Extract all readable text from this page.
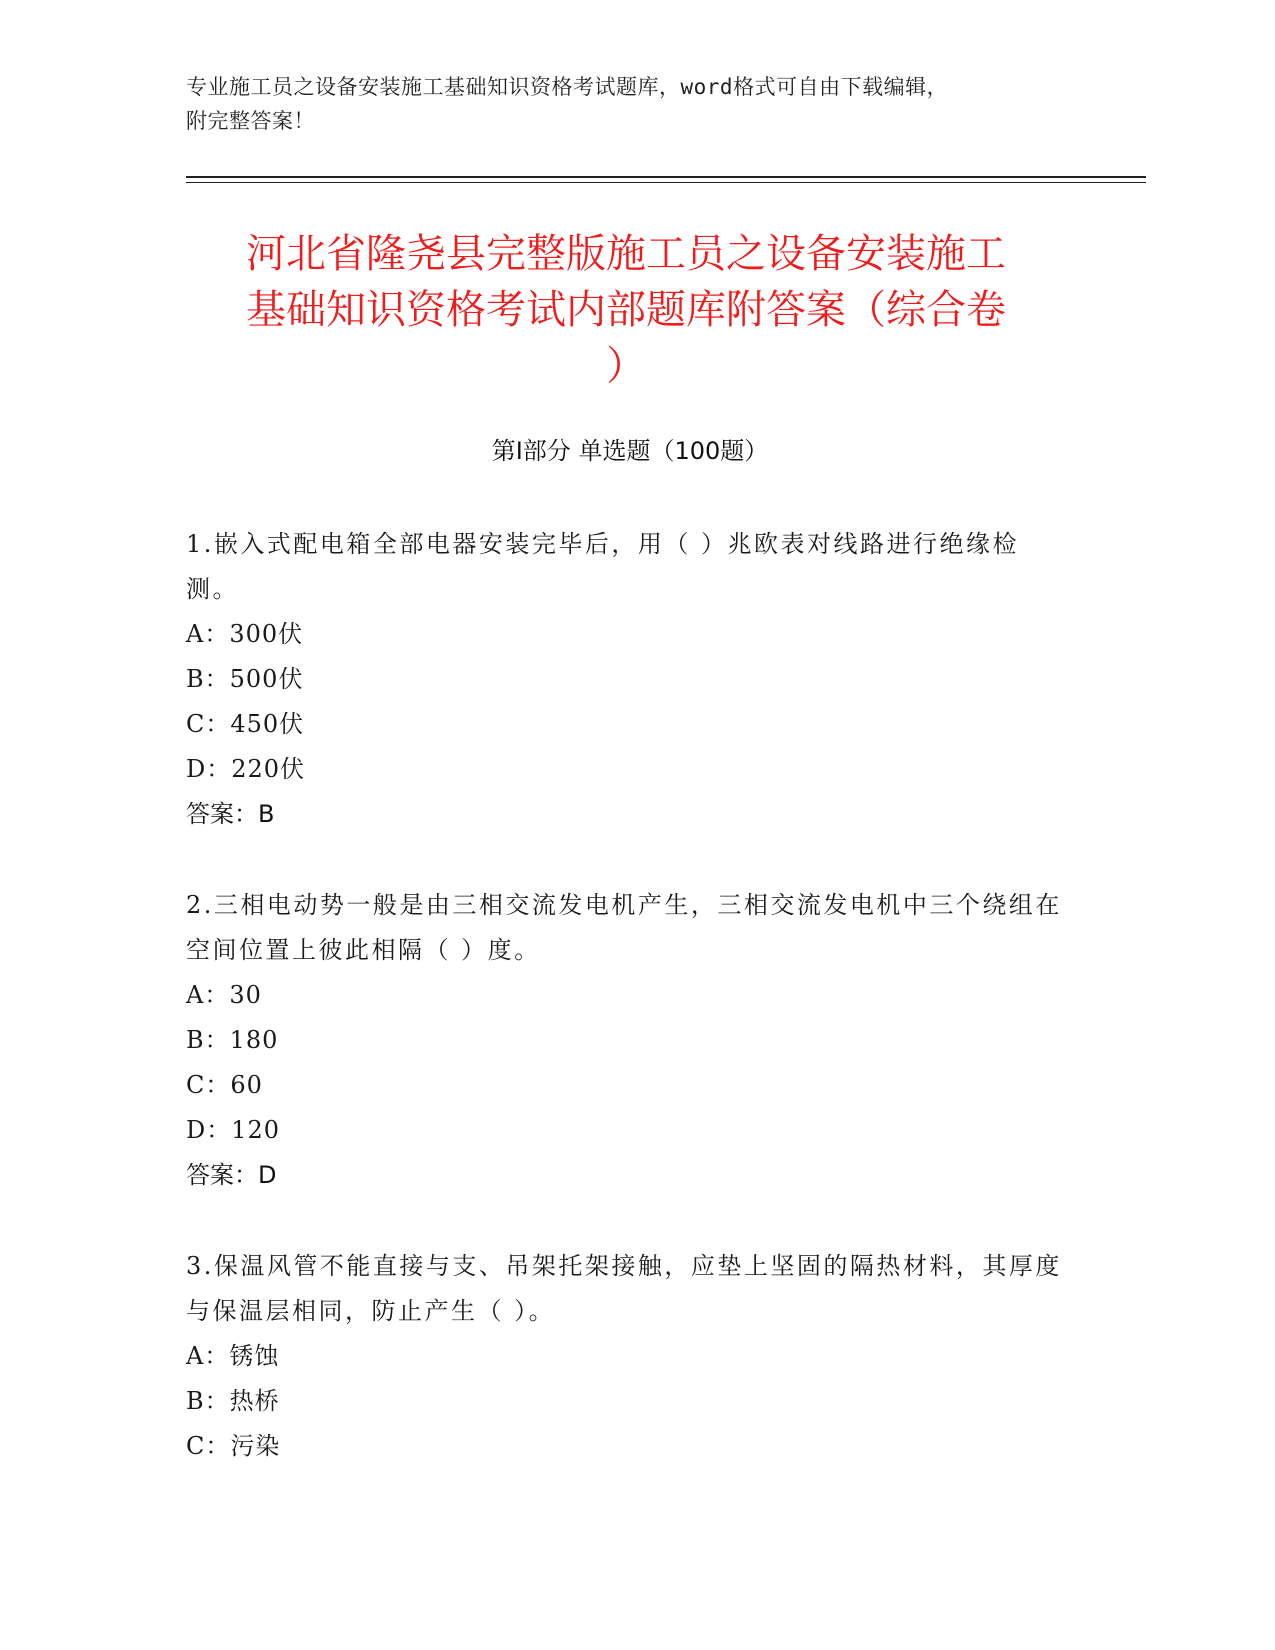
专业施工员之设备安装施工基础知识资格考试题库，word格式可自由下载编辑，
附完整答案！
河北省隆尧县完整版施工员之设备安装施工
基础知识资格考试内部题库附答案（综合卷
）
第Ⅰ部分 单选题（100题）
1.嵌入式配电箱全部电器安装完毕后，用（ ）兆欧表对线路进行绝缘检测。
A： 300伏
B： 500伏
C： 450伏
D： 220伏
答案：B
2.三相电动势一般是由三相交流发电机产生，三相交流发电机中三个绕组在空间位置上彼此相隔（ ）度。
A： 30
B： 180
C： 60
D： 120
答案：D
3.保温风管不能直接与支、吊架托架接触，应垫上坚固的隔热材料，其厚度与保温层相同，防止产生（ ）。
A： 锈蚀
B： 热桥
C： 污染
